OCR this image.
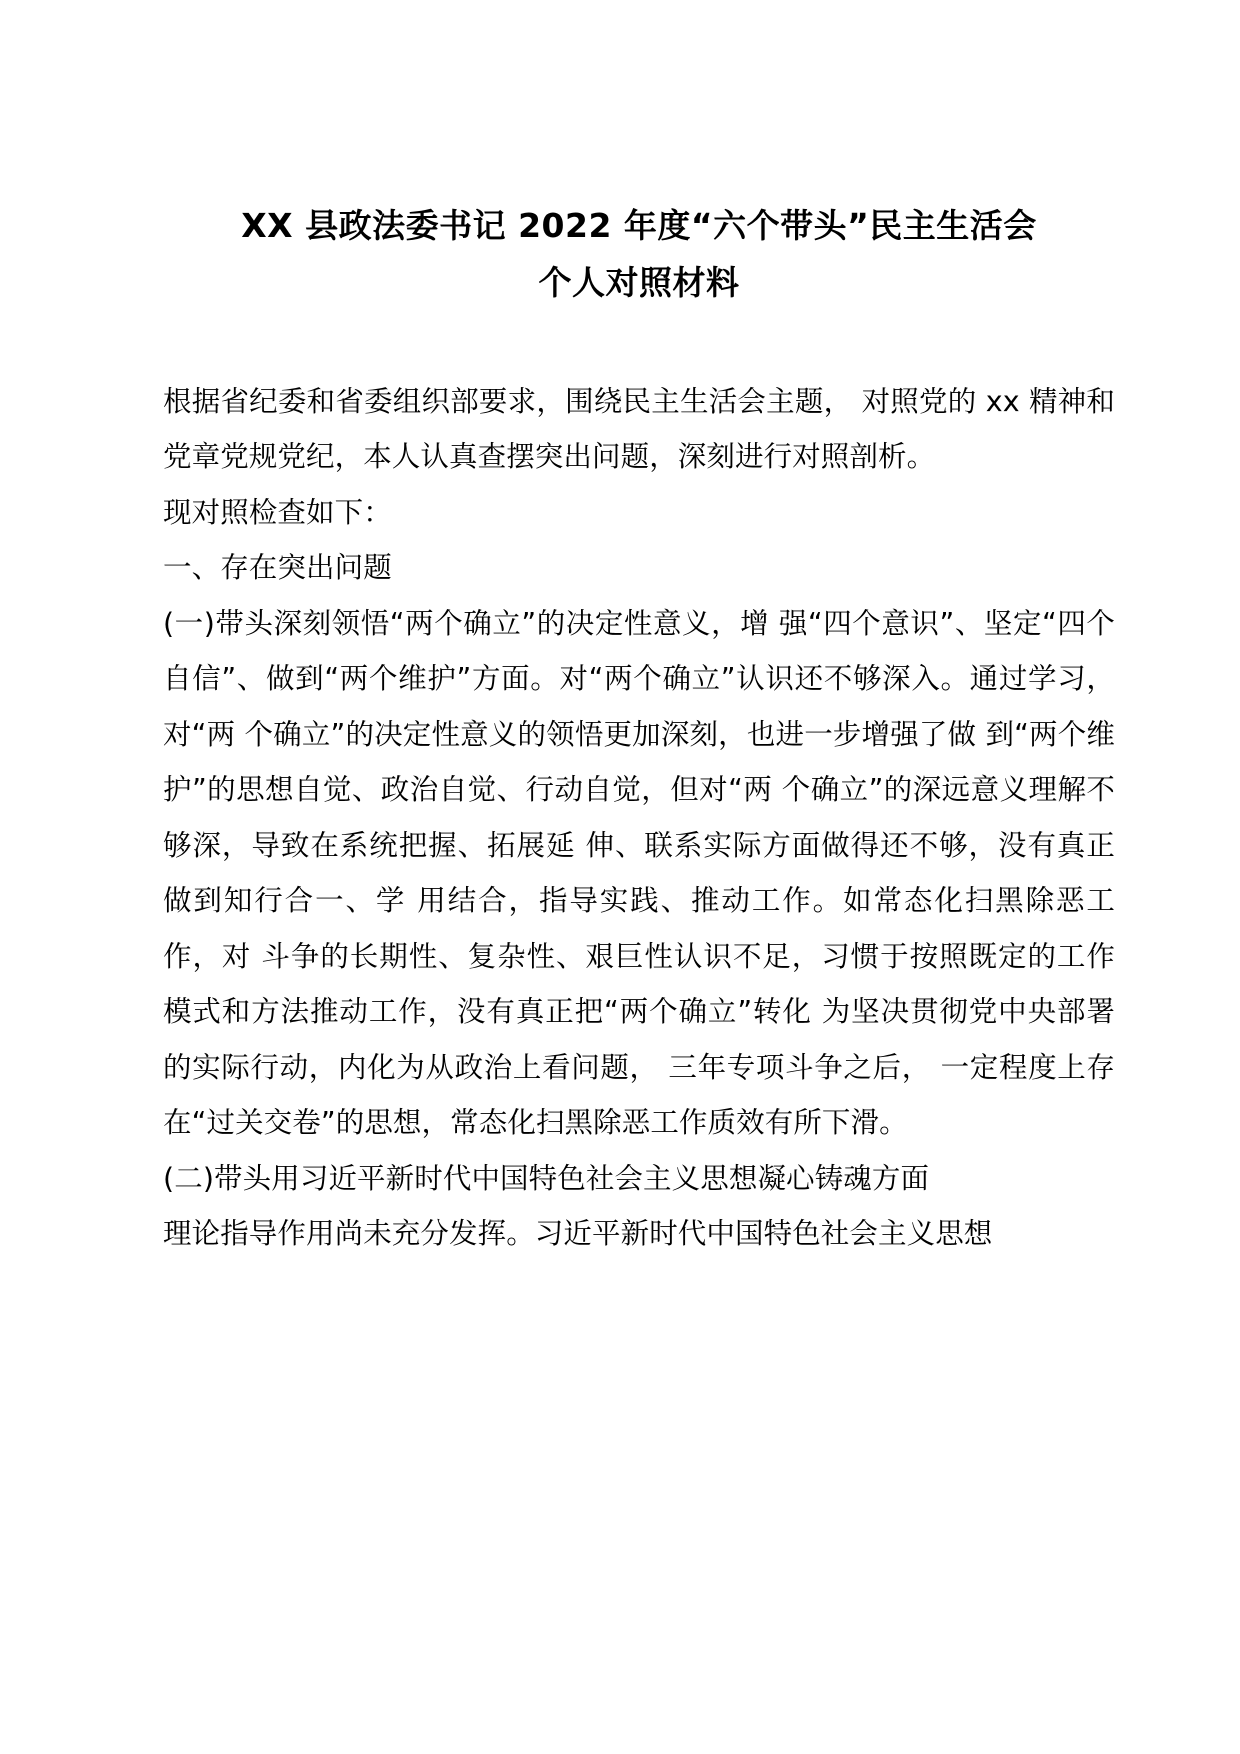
XX 县政法委书记 2022 年度“六个带头”民主生活会
个人对照材料

根据省纪委和省委组织部要求，围绕民主生活会主题， 对照党的 xx 精神和党章党规党纪，本人认真查摆突出问题，深刻进行对照剖析。

现对照检查如下：

一、存在突出问题

(一)带头深刻领悟“两个确立”的决定性意义，增 强“四个意识”、坚定“四个自信”、做到“两个维护”方面。对“两个确立”认识还不够深入。通过学习，对“两 个确立”的决定性意义的领悟更加深刻，也进一步增强了做 到“两个维护”的思想自觉、政治自觉、行动自觉，但对“两 个确立”的深远意义理解不够深，导致在系统把握、拓展延 伸、联系实际方面做得还不够，没有真正做到知行合一、学 用结合，指导实践、推动工作。如常态化扫黑除恶工作，对 斗争的长期性、复杂性、艰巨性认识不足，习惯于按照既定的工作模式和方法推动工作，没有真正把“两个确立”转化 为坚决贯彻党中央部署的实际行动，内化为从政治上看问题， 三年专项斗争之后， 一定程度上存在“过关交卷”的思想，常态化扫黑除恶工作质效有所下滑。

(二)带头用习近平新时代中国特色社会主义思想凝心铸魂方面

理论指导作用尚未充分发挥。习近平新时代中国特色社会主义思想
